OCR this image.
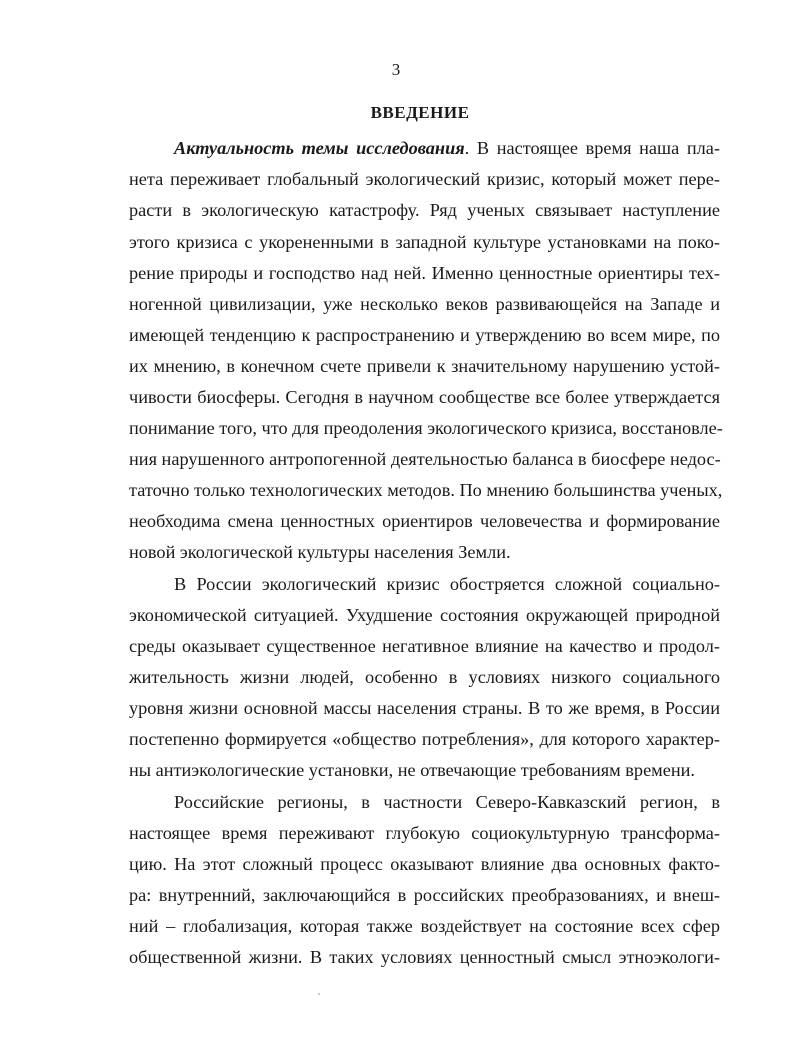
3
ВВЕДЕНИЕ
Актуальность темы исследования. В настоящее время наша пла-
нета переживает глобальный экологический кризис, который может пере-
расти в экологическую катастрофу. Ряд ученых связывает наступление
этого кризиса с укорененными в западной культуре установками на поко-
рение природы и господство над ней. Именно ценностные ориентиры тех-
ногенной цивилизации, уже несколько веков развивающейся на Западе и
имеющей тенденцию к распространению и утверждению во всем мире, по
их мнению, в конечном счете привели к значительному нарушению устой-
чивости биосферы. Сегодня в научном сообществе все более утверждается
понимание того, что для преодоления экологического кризиса, восстановле-
ния нарушенного антропогенной деятельностью баланса в биосфере недос-
таточно только технологических методов. По мнению большинства ученых,
необходима смена ценностных ориентиров человечества и формирование
новой экологической культуры населения Земли.
В России экологический кризис обостряется сложной социально-
экономической ситуацией. Ухудшение состояния окружающей природной
среды оказывает существенное негативное влияние на качество и продол-
жительность жизни людей, особенно в условиях низкого социального
уровня жизни основной массы населения страны. В то же время, в России
постепенно формируется «общество потребления», для которого характер-
ны антиэкологические установки, не отвечающие требованиям времени.
Российские регионы, в частности Северо-Кавказский регион, в
настоящее время переживают глубокую социокультурную трансформа-
цию. На этот сложный процесс оказывают влияние два основных факто-
ра: внутренний, заключающийся в российских преобразованиях, и внеш-
ний – глобализация, которая также воздействует на состояние всех сфер
общественной жизни. В таких условиях ценностный смысл этноэкологи-
